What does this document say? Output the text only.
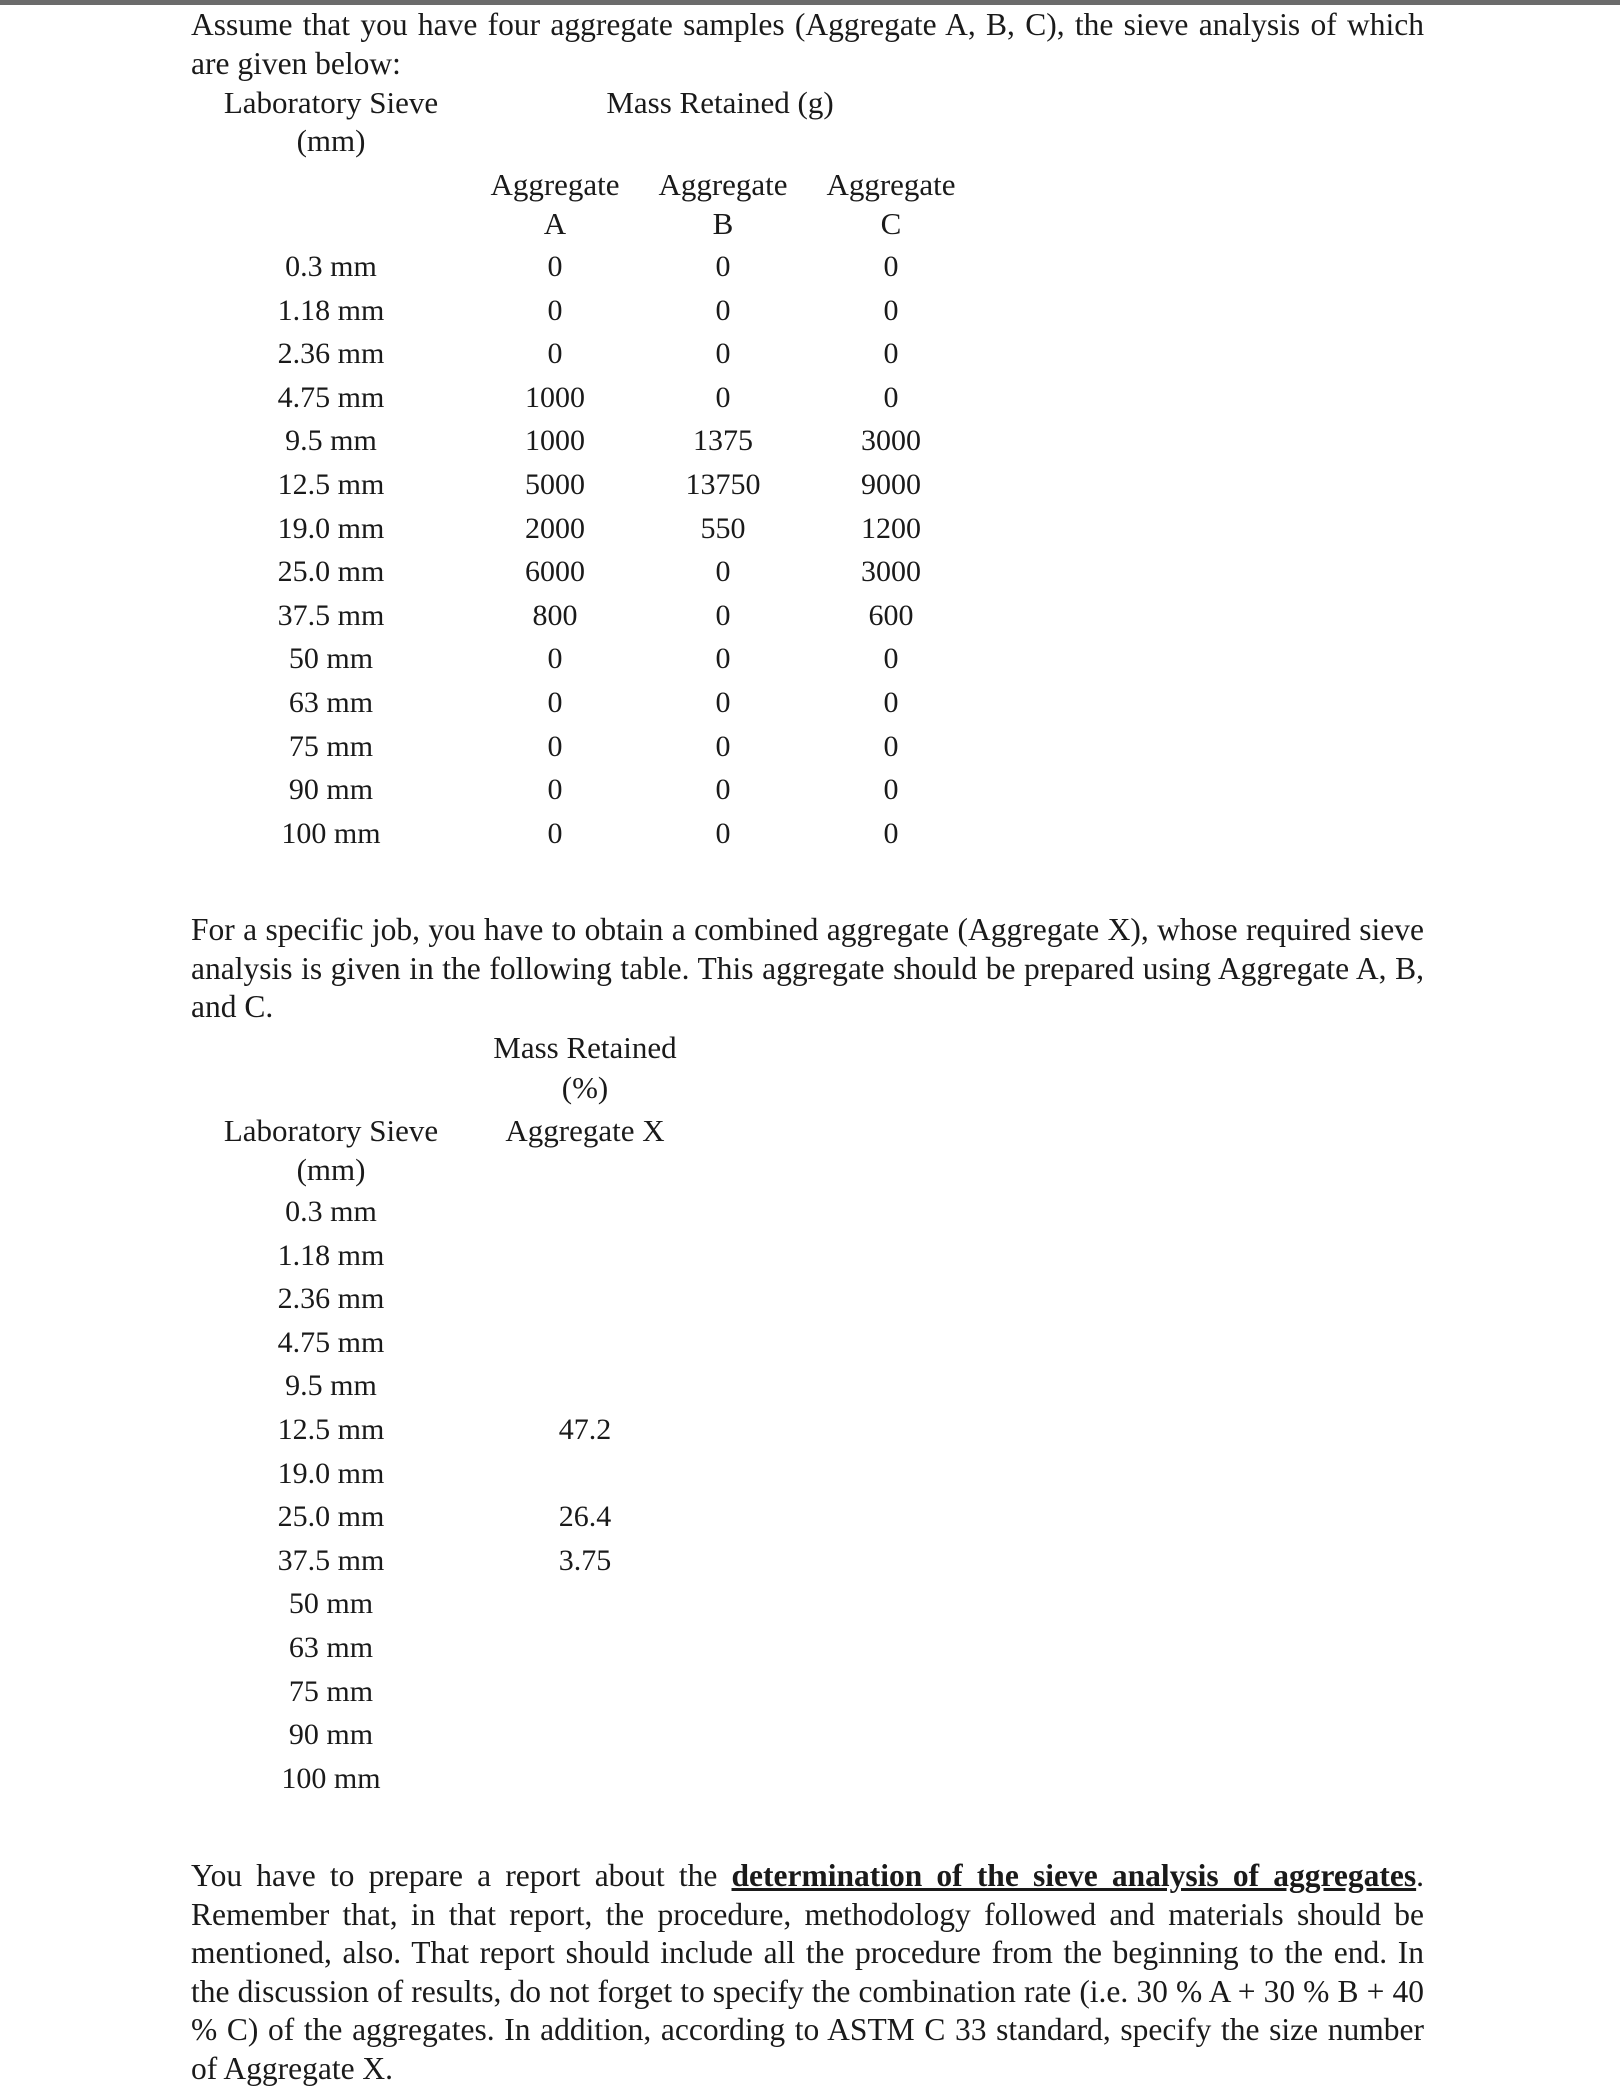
Assume that you have four aggregate samples (Aggregate A, B, C), the sieve analysis of which are given below:

Laboratory Sieve
(mm)
Mass Retained (g)
Aggregate
A
Aggregate
B
Aggregate
C
0.3 mm	0	0	0
1.18 mm	0	0	0
2.36 mm	0	0	0
4.75 mm	1000	0	0
9.5 mm	1000	1375	3000
12.5 mm	5000	13750	9000
19.0 mm	2000	550	1200
25.0 mm	6000	0	3000
37.5 mm	800	0	600
50 mm	0	0	0
63 mm	0	0	0
75 mm	0	0	0
90 mm	0	0	0
100 mm	0	0	0

For a specific job, you have to obtain a combined aggregate (Aggregate X), whose required sieve analysis is given in the following table. This aggregate should be prepared using Aggregate A, B, and C.

Mass Retained
(%)
Laboratory Sieve
(mm)
Aggregate X
0.3 mm
1.18 mm
2.36 mm
4.75 mm
9.5 mm
12.5 mm	47.2
19.0 mm
25.0 mm	26.4
37.5 mm	3.75
50 mm
63 mm
75 mm
90 mm
100 mm

You have to prepare a report about the determination of the sieve analysis of aggregates. Remember that, in that report, the procedure, methodology followed and materials should be mentioned, also. That report should include all the procedure from the beginning to the end. In the discussion of results, do not forget to specify the combination rate (i.e. 30 % A + 30 % B + 40 % C) of the aggregates. In addition, according to ASTM C 33 standard, specify the size number of Aggregate X.
